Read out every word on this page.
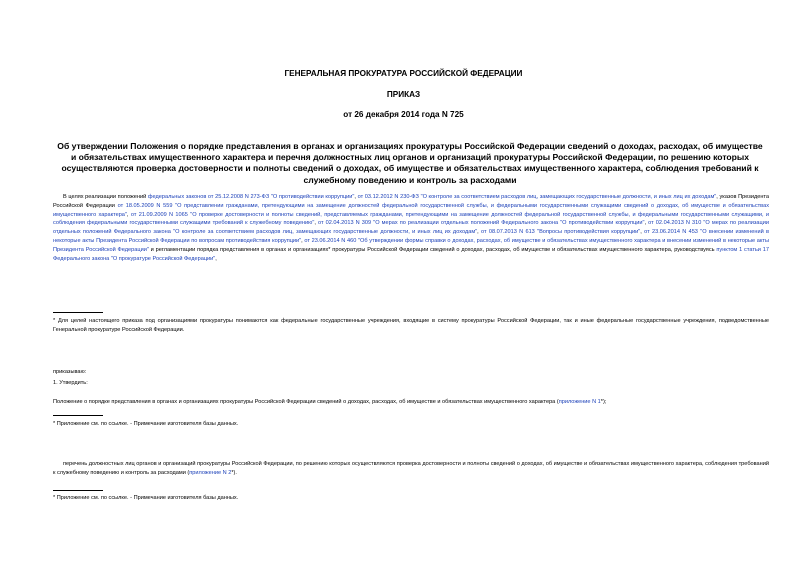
ГЕНЕРАЛЬНАЯ ПРОКУРАТУРА РОССИЙСКОЙ ФЕДЕРАЦИИ
ПРИКАЗ
от 26 декабря 2014 года N 725
Об утверждении Положения о порядке представления в органах и организациях прокуратуры Российской Федерации сведений о доходах, расходах, об имуществе и обязательствах имущественного характера и перечня должностных лиц органов и организаций прокуратуры Российской Федерации, по решению которых осуществляются проверка достоверности и полноты сведений о доходах, об имуществе и обязательствах имущественного характера, соблюдения требований к служебному поведению и контроль за расходами
В целях реализации положений федеральных законов от 25.12.2008 N 273-ФЗ "О противодействии коррупции", от 03.12.2012 N 230-ФЗ "О контроле за соответствием расходов лиц, замещающих государственные должности, и иных лиц их доходам", указов Президента Российской Федерации от 18.05.2009 N 559 "О представлении гражданами, претендующими на замещение должностей федеральной государственной службы, и федеральными государственными служащими сведений о доходах, об имуществе и обязательствах имущественного характера", от 21.09.2009 N 1065 "О проверке достоверности и полноты сведений, представляемых гражданами, претендующими на замещение должностей федеральной государственной службы, и федеральными государственными служащими, и соблюдения федеральными государственными служащими требований к служебному поведению", от 02.04.2013 N 309 "О мерах по реализации отдельных положений Федерального закона "О противодействии коррупции", от 02.04.2013 N 310 "О мерах по реализации отдельных положений Федерального закона "О контроле за соответствием расходов лиц, замещающих государственные должности, и иных лиц их доходам", от 08.07.2013 N 613 "Вопросы противодействия коррупции", от 23.06.2014 N 453 "О внесении изменений в некоторые акты Президента Российской Федерации по вопросам противодействия коррупции", от 23.06.2014 N 460 "Об утверждении формы справки о доходах, расходах, об имуществе и обязательствах имущественного характера и внесении изменений в некоторые акты Президента Российской Федерации" и регламентации порядка представления в органах и организациях* прокуратуры Российской Федерации сведений о доходах, расходах, об имуществе и обязательствах имущественного характера, руководствуясь пунктом 1 статьи 17 Федерального закона "О прокуратуре Российской Федерации",
* Для целей настоящего приказа под организациями прокуратуры понимаются как федеральные государственные учреждения, входящие в систему прокуратуры Российской Федерации, так и иные федеральные государственные учреждения, подведомственные Генеральной прокуратуре Российской Федерации.
приказываю:
1. Утвердить:
Положение о порядке представления в органах и организациях прокуратуры Российской Федерации сведений о доходах, расходах, об имуществе и обязательствах имущественного характера (приложение N 1*);
* Приложение см. по ссылке. - Примечание изготовителя базы данных.
перечень должностных лиц органов и организаций прокуратуры Российской Федерации, по решению которых осуществляются проверка достоверности и полноты сведений о доходах, об имуществе и обязательствах имущественного характера, соблюдения требований к служебному поведению и контроль за расходами (приложение N 2*).
* Приложение см. по ссылке. - Примечание изготовителя базы данных.
